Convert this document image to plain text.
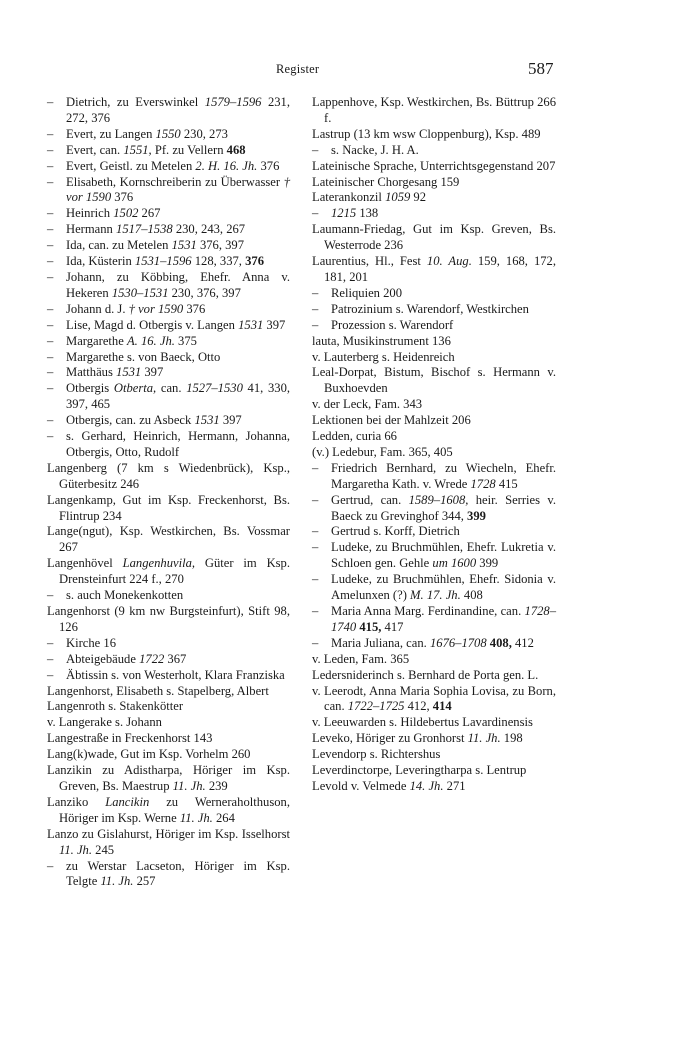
Register	587

– Dietrich, zu Everswinkel 1579–1596 231, 272, 376

– Evert, zu Langen 1550 230, 273

– Evert, can. 1551, Pf. zu Vellern 468

– Evert, Geistl. zu Metelen 2. H. 16. Jh. 376

– Elisabeth, Kornschreiberin zu Überwasser † vor 1590 376

– Heinrich 1502 267

– Hermann 1517–1538 230, 243, 267

– Ida, can. zu Metelen 1531 376, 397

– Ida, Küsterin 1531–1596 128, 337, 376

– Johann, zu Köbbing, Ehefr. Anna v. Hekeren 1530–1531 230, 376, 397

– Johann d. J. † vor 1590 376

– Lise, Magd d. Otbergis v. Langen 1531 397

– Margarethe A. 16. Jh. 375

– Margarethe s. von Baeck, Otto

– Matthäus 1531 397

– Otbergis Otberta, can. 1527–1530 41, 330, 397, 465

– Otbergis, can. zu Asbeck 1531 397

– s. Gerhard, Heinrich, Hermann, Johanna, Otbergis, Otto, Rudolf

Langenberg (7 km s Wiedenbrück), Ksp., Güterbesitz 246

Langenkamp, Gut im Ksp. Freckenhorst, Bs. Flintrup 234

Lange(ngut), Ksp. Westkirchen, Bs. Vossmar 267

Langenhövel Langenhuvila, Güter im Ksp. Drensteinfurt 224 f., 270

– s. auch Monekenkotten

Langenhorst (9 km nw Burgsteinfurt), Stift 98, 126

– Kirche 16

– Abteigebäude 1722 367

– Äbtissin s. von Westerholt, Klara Franziska

Langenhorst, Elisabeth s. Stapelberg, Albert

Langenroth s. Stakenkötter

v. Langerake s. Johann

Langestraße in Freckenhorst 143

Lang(k)wade, Gut im Ksp. Vorhelm 260

Lanzikin zu Adistharpa, Höriger im Ksp. Greven, Bs. Maestrup 11. Jh. 239

Lanziko Lancikin zu Werneraholthuson, Höriger im Ksp. Werne 11. Jh. 264

Lanzo zu Gislahurst, Höriger im Ksp. Isselhorst 11. Jh. 245

– zu Werstar Lacseton, Höriger im Ksp. Telgte 11. Jh. 257

Lappenhove, Ksp. Westkirchen, Bs. Büttrup 266 f.

Lastrup (13 km wsw Cloppenburg), Ksp. 489

– s. Nacke, J. H. A.

Lateinische Sprache, Unterrichtsgegenstand 207

Lateinischer Chorgesang 159

Laterankonzil 1059 92

– 1215 138

Laumann-Friedag, Gut im Ksp. Greven, Bs. Westerrode 236

Laurentius, Hl., Fest 10. Aug. 159, 168, 172, 181, 201

– Reliquien 200

– Patrozinium s. Warendorf, Westkirchen

– Prozession s. Warendorf

lauta, Musikinstrument 136

v. Lauterberg s. Heidenreich

Leal-Dorpat, Bistum, Bischof s. Hermann v. Buxhoevden

v. der Leck, Fam. 343

Lektionen bei der Mahlzeit 206

Ledden, curia 66

(v.) Ledebur, Fam. 365, 405

– Friedrich Bernhard, zu Wiecheln, Ehefr. Margaretha Kath. v. Wrede 1728 415

– Gertrud, can. 1589–1608, heir. Serries v. Baeck zu Grevinghof 344, 399

– Gertrud s. Korff, Dietrich

– Ludeke, zu Bruchmühlen, Ehefr. Lukretia v. Schloen gen. Gehle um 1600 399

– Ludeke, zu Bruchmühlen, Ehefr. Sidonia v. Amelunxen (?) M. 17. Jh. 408

– Maria Anna Marg. Ferdinandine, can. 1728–1740 415, 417

– Maria Juliana, can. 1676–1708 408, 412

v. Leden, Fam. 365

Ledersniderinch s. Bernhard de Porta gen. L.

v. Leerodt, Anna Maria Sophia Lovisa, zu Born, can. 1722–1725 412, 414

v. Leeuwarden s. Hildebertus Lavardinensis

Leveko, Höriger zu Gronhorst 11. Jh. 198

Levendorp s. Richtershus

Leverdinctorpe, Leveringtharpa s. Lentrup

Levold v. Velmede 14. Jh. 271
